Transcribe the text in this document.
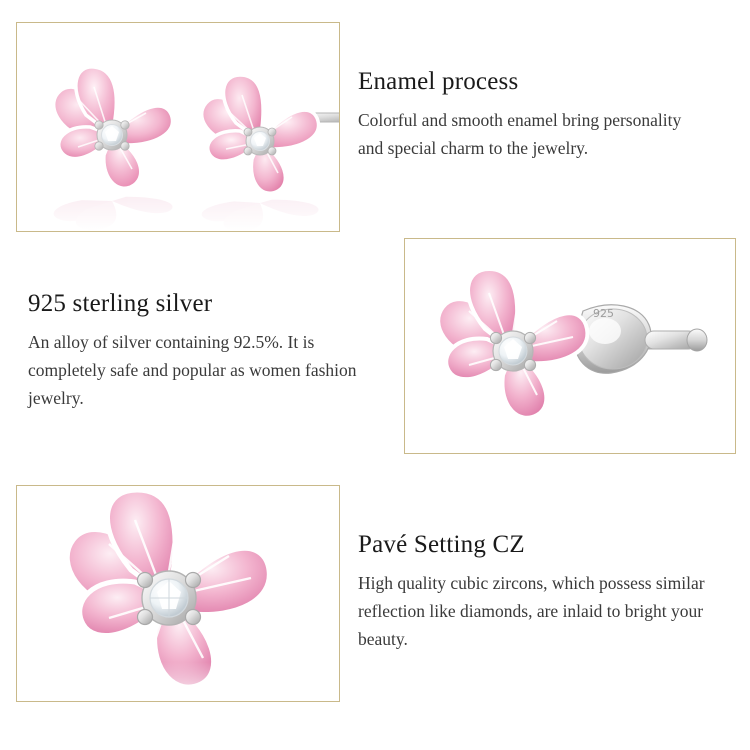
Enamel process

Colorful and smooth enamel bring personality and special charm to the jewelry.

925 sterling silver

An alloy of silver containing 92.5%. It is completely safe and popular as women fashion jewelry.

925
Pavé Setting CZ

High quality cubic zircons, which possess similar reflection like diamonds, are inlaid to bright your beauty.
